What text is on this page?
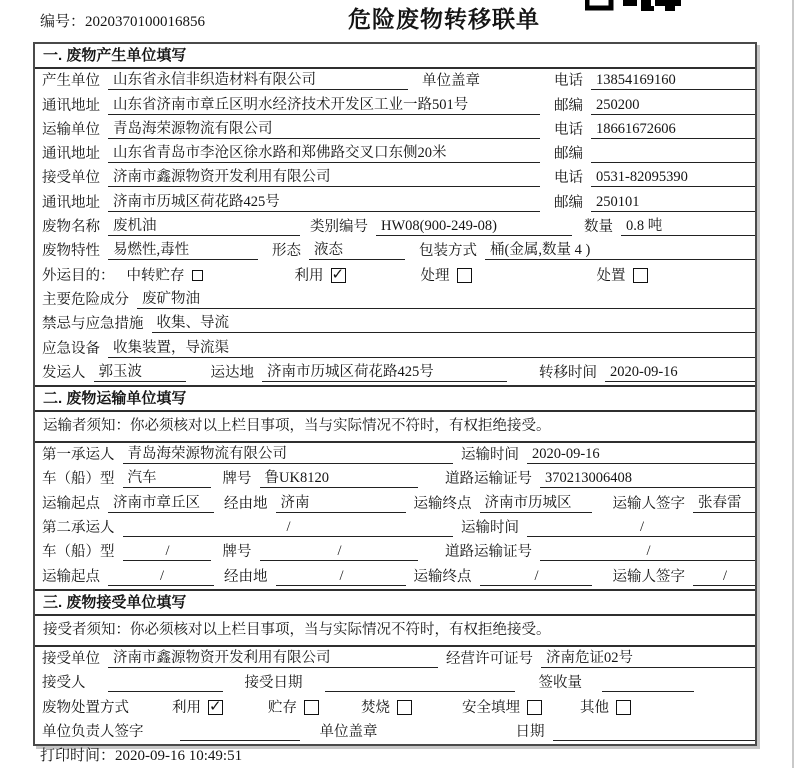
编号：2020370100016856	危险废物转移联单
一. 废物产生单位填写
产生单位 山东省永信非织造材料有限公司	单位盖章	电话 13854169160
通讯地址 山东省济南市章丘区明水经济技术开发区工业一路501号	邮编 250200
运输单位 青岛海荣源物流有限公司	电话 18661672606
通讯地址 山东省青岛市李沧区徐水路和郑佛路交叉口东侧20米	邮编
接受单位 济南市鑫源物资开发利用有限公司	电话 0531-82095390
通讯地址 济南市历城区荷花路425号	邮编 250101
废物名称 废机油	类别编号 HW08(900-249-08)	数量 0.8 吨
废物特性 易燃性,毒性	形态 液态	包装方式 桶(金属,数量 4 )
外运目的： 中转贮存	利用 ✓	处理	处置
主要危险成分 废矿物油
禁忌与应急措施 收集、导流
应急设备 收集装置，导流渠
发运人 郭玉波	运达地 济南市历城区荷花路425号	转移时间 2020-09-16
二. 废物运输单位填写
运输者须知：你必须核对以上栏目事项，当与实际情况不符时，有权拒绝接受。
第一承运人 青岛海荣源物流有限公司	运输时间 2020-09-16
车（船）型 汽车	牌号 鲁UK8120	道路运输证号 370213006408
运输起点 济南市章丘区	经由地 济南	运输终点 济南市历城区	运输人签字 张春雷
第二承运人	/	运输时间	/
车（船）型	/	牌号	/	道路运输证号	/
运输起点	/	经由地	/	运输终点	/	运输人签字	/
三. 废物接受单位填写
接受者须知：你必须核对以上栏目事项，当与实际情况不符时，有权拒绝接受。
接受单位 济南市鑫源物资开发利用有限公司	经营许可证号 济南危证02号
接受人	接受日期	签收量
废物处置方式	利用 ✓	贮存	焚烧	安全填埋	其他
单位负责人签字	单位盖章	日期
打印时间：2020-09-16 10:49:51
